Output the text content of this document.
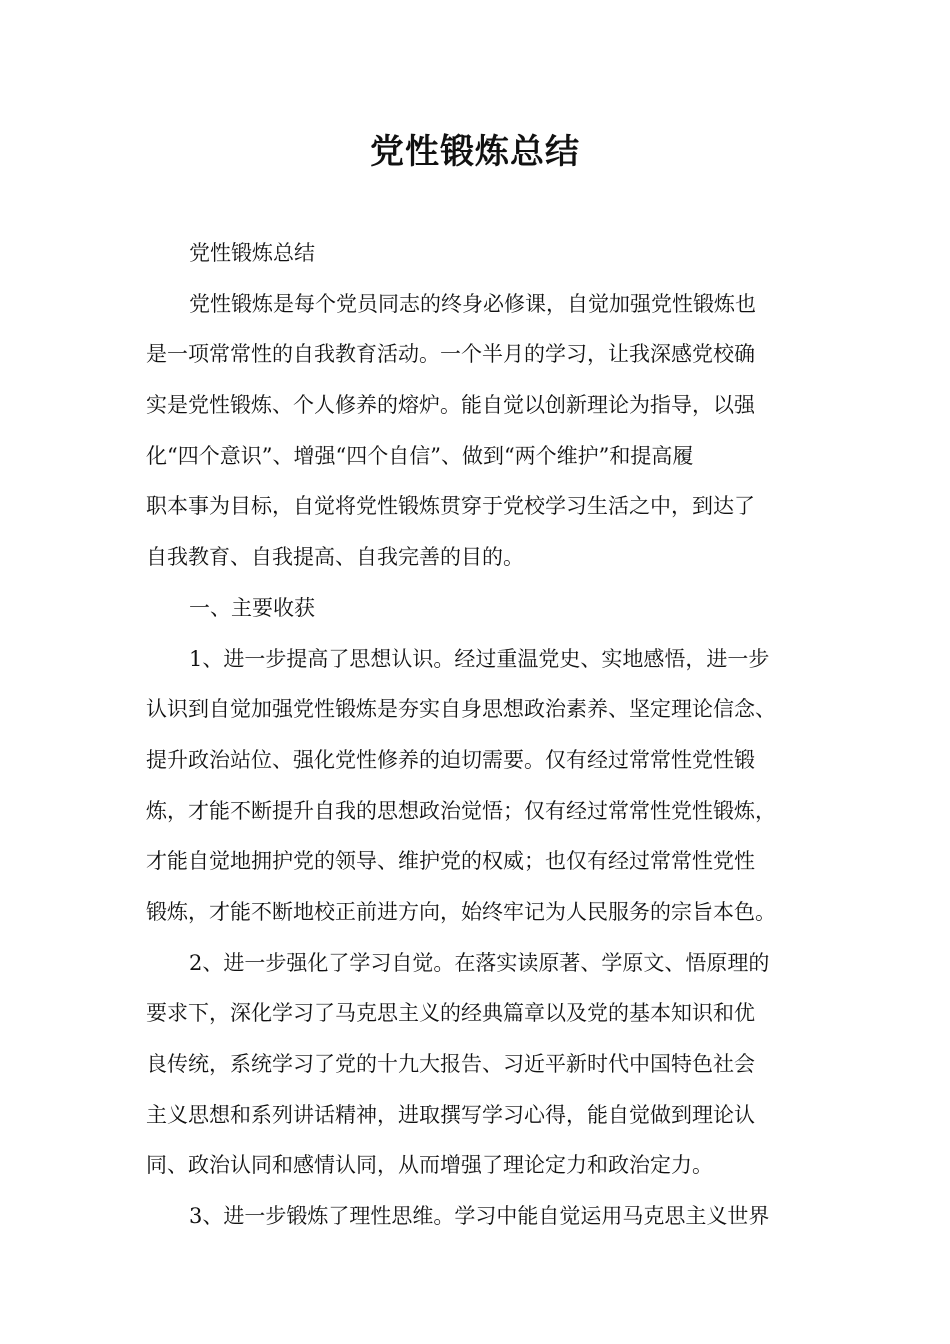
党性锻炼总结

党性锻炼总结

党性锻炼是每个党员同志的终身必修课，自觉加强党性锻炼也

是一项常常性的自我教育活动。一个半月的学习，让我深感党校确

实是党性锻炼、个人修养的熔炉。能自觉以创新理论为指导，以强

化“四个意识”、增强“四个自信”、做到“两个维护”和提高履

职本事为目标，自觉将党性锻炼贯穿于党校学习生活之中，到达了

自我教育、自我提高、自我完善的目的。

一、主要收获

1、进一步提高了思想认识。经过重温党史、实地感悟，进一步

认识到自觉加强党性锻炼是夯实自身思想政治素养、坚定理论信念、

提升政治站位、强化党性修养的迫切需要。仅有经过常常性党性锻

炼，才能不断提升自我的思想政治觉悟；仅有经过常常性党性锻炼，

才能自觉地拥护党的领导、维护党的权威；也仅有经过常常性党性

锻炼，才能不断地校正前进方向，始终牢记为人民服务的宗旨本色。

2、进一步强化了学习自觉。在落实读原著、学原文、悟原理的

要求下，深化学习了马克思主义的经典篇章以及党的基本知识和优

良传统，系统学习了党的十九大报告、习近平新时代中国特色社会

主义思想和系列讲话精神，进取撰写学习心得，能自觉做到理论认

同、政治认同和感情认同，从而增强了理论定力和政治定力。

3、进一步锻炼了理性思维。学习中能自觉运用马克思主义世界
